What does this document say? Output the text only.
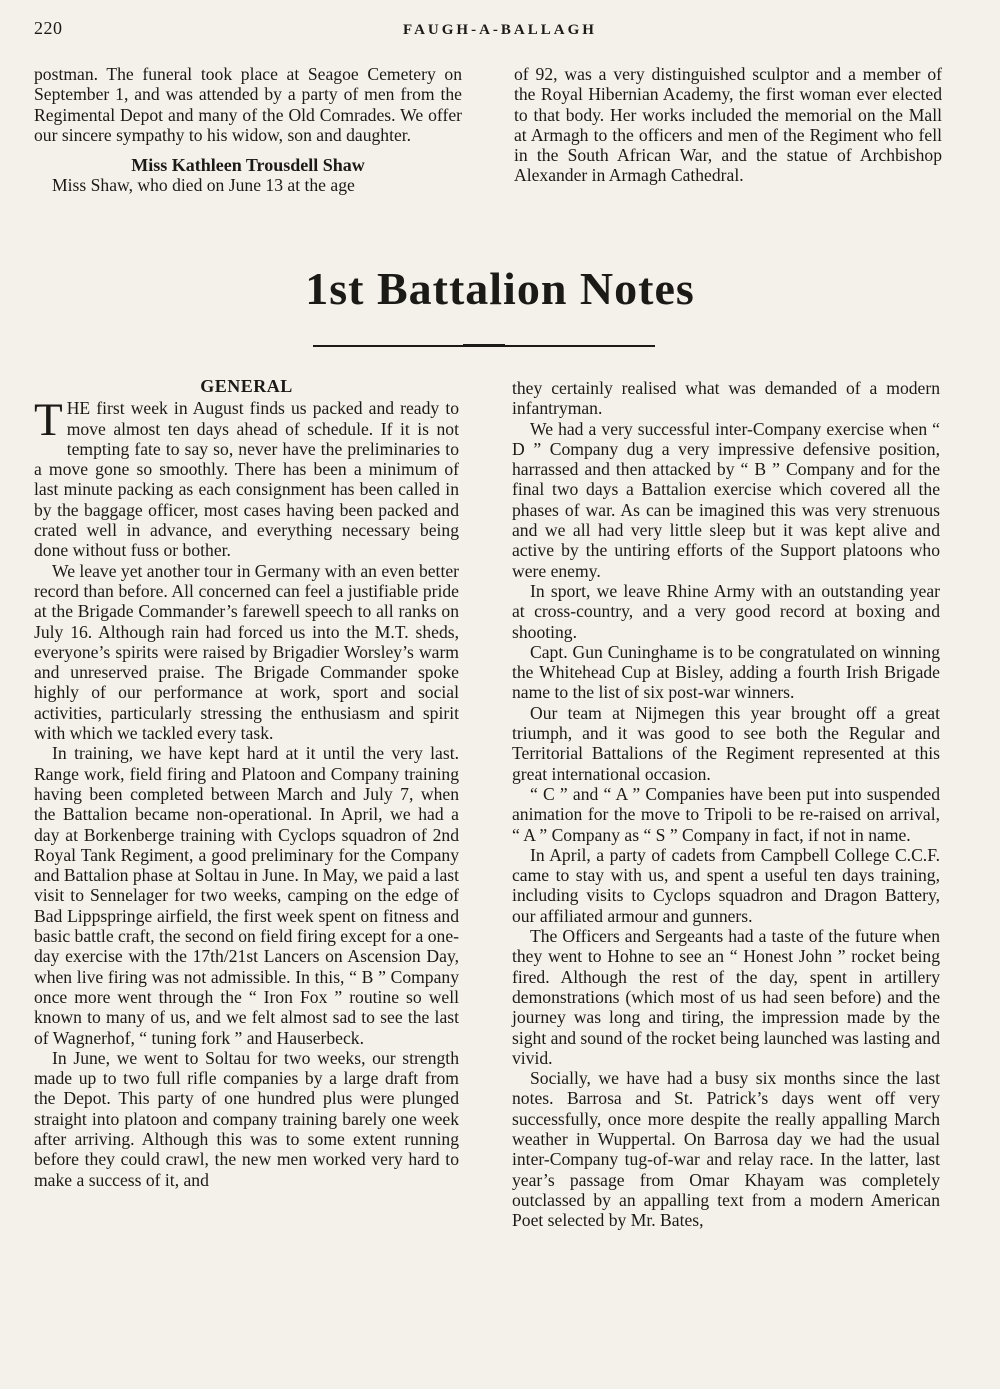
220	FAUGH-A-BALLAGH

postman. The funeral took place at Seagoe Cemetery on September 1, and was attended by a party of men from the Regimental Depot and many of the Old Comrades. We offer our sincere sympathy to his widow, son and daughter.

Miss Kathleen Trousdell Shaw

Miss Shaw, who died on June 13 at the age

of 92, was a very distinguished sculptor and a member of the Royal Hibernian Academy, the first woman ever elected to that body. Her works included the memorial on the Mall at Armagh to the officers and men of the Regiment who fell in the South African War, and the statue of Archbishop Alexander in Armagh Cathedral.

1st Battalion Notes
GENERAL

THE first week in August finds us packed and ready to move almost ten days ahead of schedule. If it is not tempting fate to say so, never have the preliminaries to a move gone so smoothly. There has been a minimum of last minute packing as each consignment has been called in by the baggage officer, most cases having been packed and crated well in advance, and everything necessary being done without fuss or bother.

We leave yet another tour in Germany with an even better record than before. All concerned can feel a justifiable pride at the Brigade Commander’s farewell speech to all ranks on July 16. Although rain had forced us into the M.T. sheds, everyone’s spirits were raised by Brigadier Worsley’s warm and unreserved praise. The Brigade Commander spoke highly of our performance at work, sport and social activities, particularly stressing the enthusiasm and spirit with which we tackled every task.

In training, we have kept hard at it until the very last. Range work, field firing and Platoon and Company training having been completed between March and July 7, when the Battalion became non-operational. In April, we had a day at Borkenberge training with Cyclops squadron of 2nd Royal Tank Regiment, a good preliminary for the Company and Battalion phase at Soltau in June. In May, we paid a last visit to Sennelager for two weeks, camping on the edge of Bad Lippspringe airfield, the first week spent on fitness and basic battle craft, the second on field firing except for a one-day exercise with the 17th/21st Lancers on Ascension Day, when live firing was not admissible. In this, “ B ” Company once more went through the “ Iron Fox ” routine so well known to many of us, and we felt almost sad to see the last of Wagnerhof, “ tuning fork ” and Hauserbeck.

In June, we went to Soltau for two weeks, our strength made up to two full rifle companies by a large draft from the Depot. This party of one hundred plus were plunged straight into platoon and company training barely one week after arriving. Although this was to some extent running before they could crawl, the new men worked very hard to make a success of it, and

they certainly realised what was demanded of a modern infantryman.

We had a very successful inter-Company exercise when “ D ” Company dug a very impressive defensive position, harrassed and then attacked by “ B ” Company and for the final two days a Battalion exercise which covered all the phases of war. As can be imagined this was very strenuous and we all had very little sleep but it was kept alive and active by the untiring efforts of the Support platoons who were enemy.

In sport, we leave Rhine Army with an outstanding year at cross-country, and a very good record at boxing and shooting.

Capt. Gun Cuninghame is to be congratulated on winning the Whitehead Cup at Bisley, adding a fourth Irish Brigade name to the list of six post-war winners.

Our team at Nijmegen this year brought off a great triumph, and it was good to see both the Regular and Territorial Battalions of the Regiment represented at this great international occasion.

“ C ” and “ A ” Companies have been put into suspended animation for the move to Tripoli to be re-raised on arrival, “ A ” Company as “ S ” Company in fact, if not in name.

In April, a party of cadets from Campbell College C.C.F. came to stay with us, and spent a useful ten days training, including visits to Cyclops squadron and Dragon Battery, our affiliated armour and gunners.

The Officers and Sergeants had a taste of the future when they went to Hohne to see an “ Honest John ” rocket being fired. Although the rest of the day, spent in artillery demonstrations (which most of us had seen before) and the journey was long and tiring, the impression made by the sight and sound of the rocket being launched was lasting and vivid.

Socially, we have had a busy six months since the last notes. Barrosa and St. Patrick’s days went off very successfully, once more despite the really appalling March weather in Wuppertal. On Barrosa day we had the usual inter-Company tug-of-war and relay race. In the latter, last year’s passage from Omar Khayam was completely outclassed by an appalling text from a modern American Poet selected by Mr. Bates,
